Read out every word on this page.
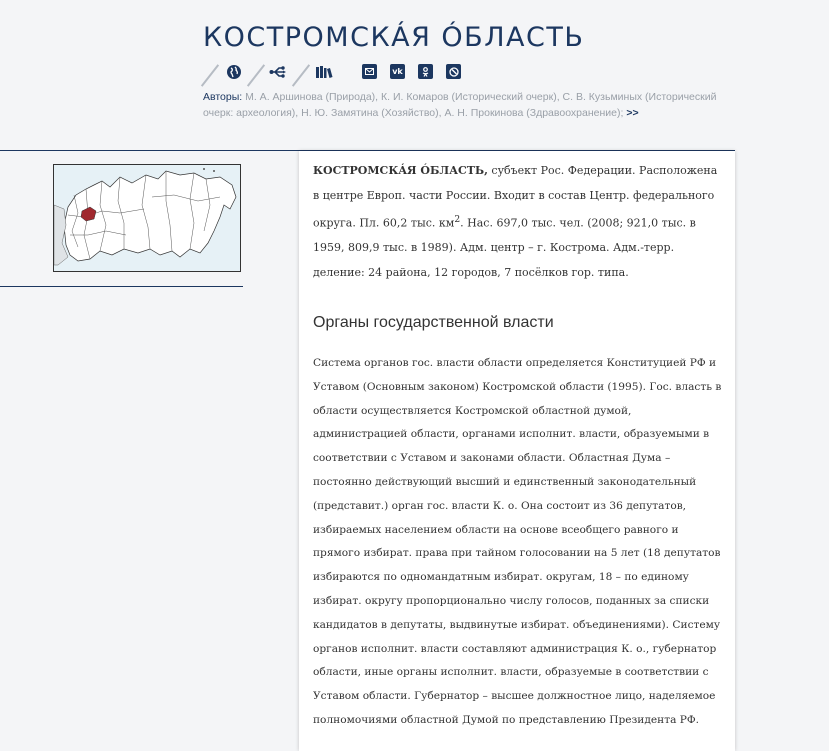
КОСТРОМСКÁЯ ÓБЛАСТЬ
vk
Авторы: М. А. Аршинова (Природа), К. И. Комаров (Исторический очерк), С. В. Кузьминых (Исторический очерк: археология), Н. Ю. Замятина (Хозяйство), А. Н. Прокинова (Здравоохранение); >>

КОСТРОМСКÁЯ ÓБЛАСТЬ, субъект Рос. Федерации. Расположена в центре Европ. части России. Входит в состав Центр. федерального округа. Пл. 60,2 тыс. $км^2$. Нас. 697,0 тыс. чел. (2008; 921,0 тыс. в 1959, 809,9 тыс. в 1989). Адм. центр – г. Кострома. Адм.-терр. деление: 24 района, 12 городов, 7 посёлков гор. типа.

Органы государственной власти

Система органов гос. власти области определяется Конституцией РФ и Уставом (Основным законом) Костромской области (1995). Гос. власть в области осуществляется Костромской областной думой, администрацией области, органами исполнит. власти, образуемыми в соответствии с Уставом и законами области. Областная Дума – постоянно действующий высший и единственный законодательный (представит.) орган гос. власти К. о. Она состоит из 36 депутатов, избираемых населением области на основе всеобщего равного и прямого избират. права при тайном голосовании на 5 лет (18 депутатов избираются по одномандатным избират. округам, 18 – по единому избират. округу пропорционально числу голосов, поданных за списки кандидатов в депутаты, выдвинутые избират. объединениями). Систему органов исполнит. власти составляют администрация К. о., губернатор области, иные органы исполнит. власти, образуемые в соответствии с Уставом области. Губернатор – высшее должностное лицо, наделяемое полномочиями областной Думой по представлению Президента РФ.
